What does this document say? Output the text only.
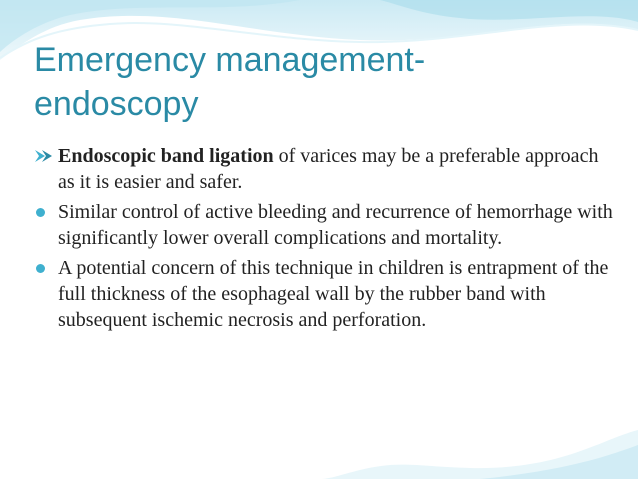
Emergency management-
endoscopy
Endoscopic band ligation of varices may be a preferable approach as it is easier and safer.
Similar control of active bleeding and recurrence of hemorrhage with significantly lower overall complications and mortality.
A potential concern of this technique in children is entrapment of the full thickness of the esophageal wall by the rubber band with subsequent ischemic necrosis and perforation.
